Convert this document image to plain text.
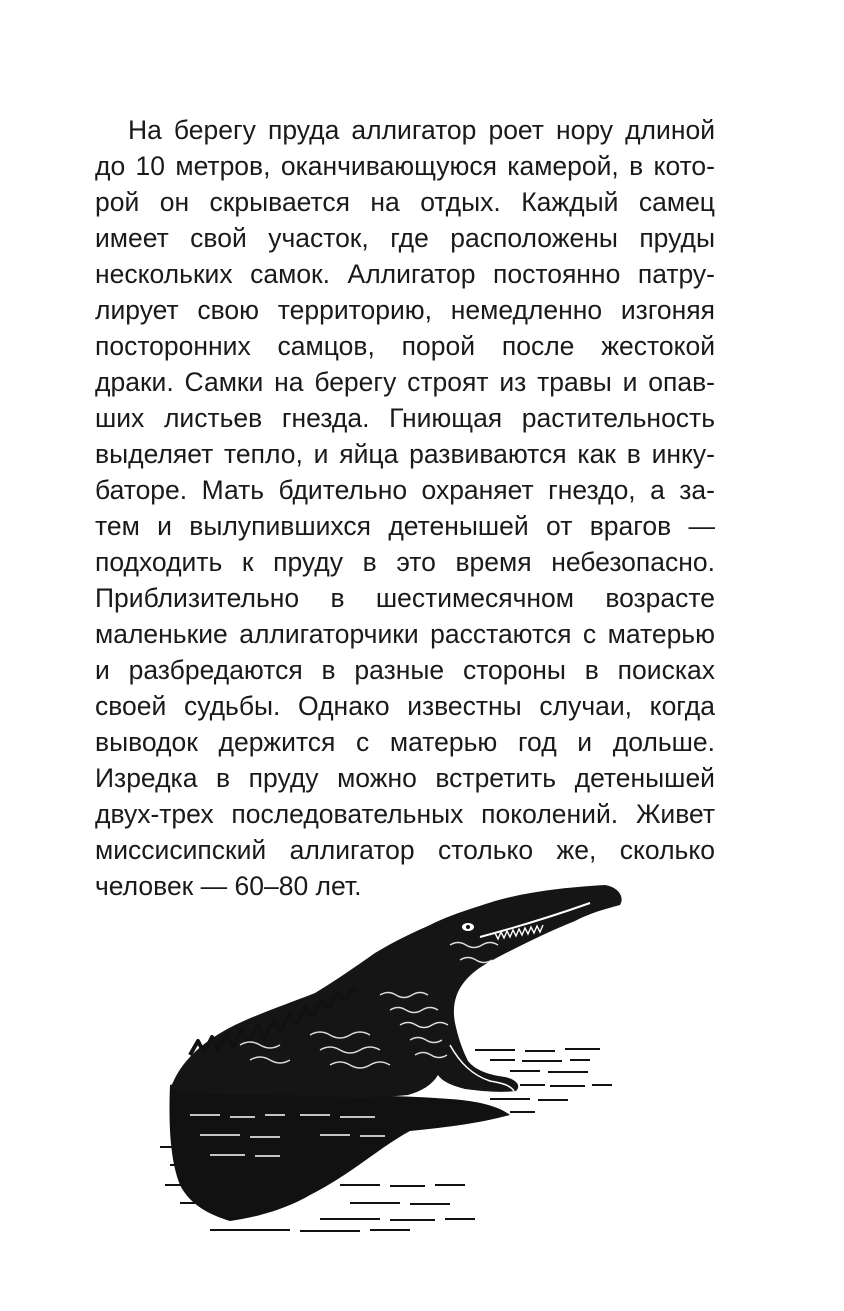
На берегу пруда аллигатор роет нору длиной
до 10 метров, оканчивающуюся камерой, в кото-
рой он скрывается на отдых. Каждый самец
имеет свой участок, где расположены пруды
нескольких самок. Аллигатор постоянно патру-
лирует свою территорию, немедленно изгоняя
посторонних самцов, порой после жестокой
драки. Самки на берегу строят из травы и опав-
ших листьев гнезда. Гниющая растительность
выделяет тепло, и яйца развиваются как в инку-
баторе. Мать бдительно охраняет гнездо, а за-
тем и вылупившихся детенышей от врагов —
подходить к пруду в это время небезопасно.
Приблизительно в шестимесячном возрасте
маленькие аллигаторчики расстаются с матерью
и разбредаются в разные стороны в поисках
своей судьбы. Однако известны случаи, когда
выводок держится с матерью год и дольше.
Изредка в пруду можно встретить детенышей
двух-трех последовательных поколений. Живет
миссисипский аллигатор столько же, сколько
человек — 60–80 лет.
